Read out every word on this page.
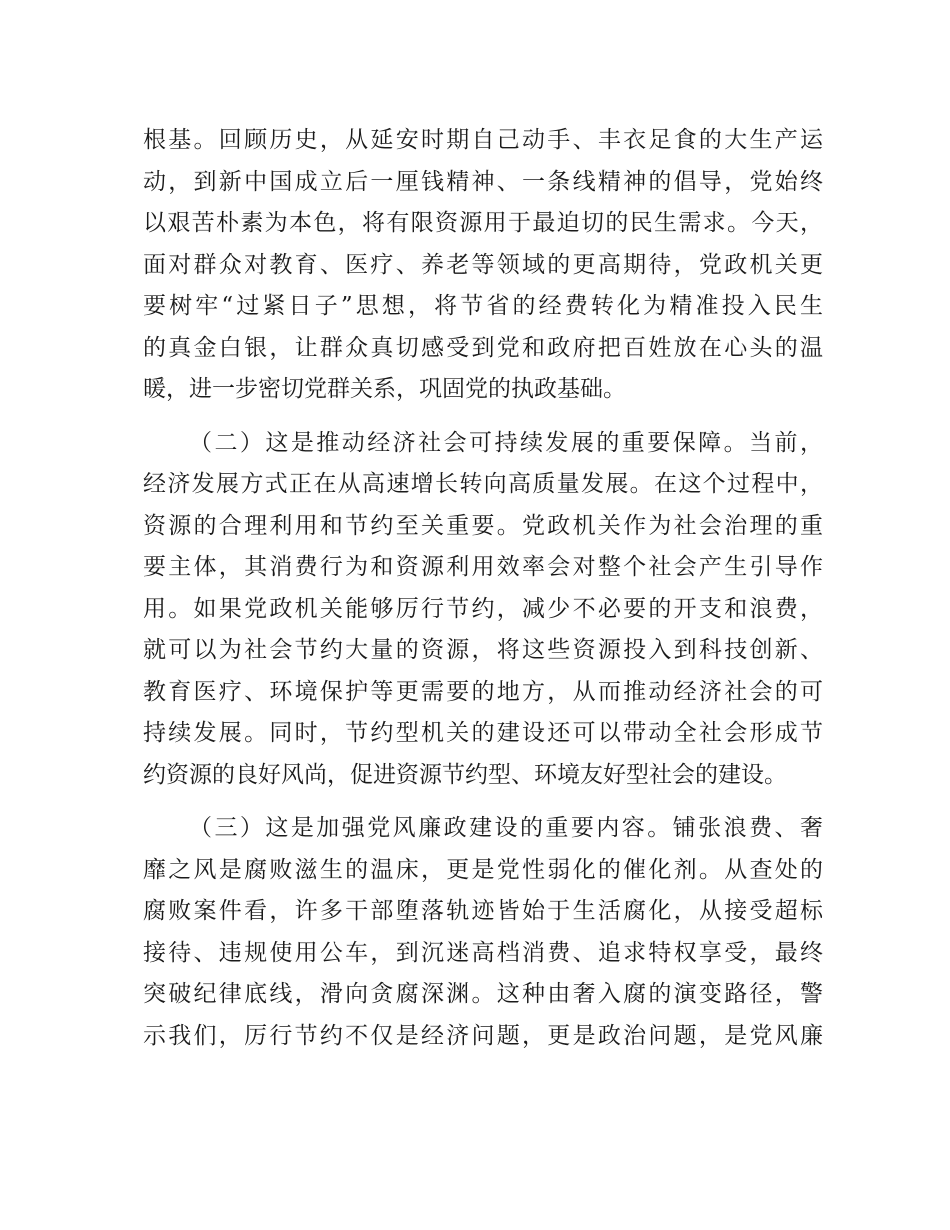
根基。回顾历史，从延安时期自己动手、丰衣足食的大生产运
动，到新中国成立后一厘钱精神、一条线精神的倡导，党始终
以艰苦朴素为本色，将有限资源用于最迫切的民生需求。今天，
面对群众对教育、医疗、养老等领域的更高期待，党政机关更
要树牢“过紧日子”思想，将节省的经费转化为精准投入民生
的真金白银，让群众真切感受到党和政府把百姓放在心头的温
暖，进一步密切党群关系，巩固党的执政基础。
（二）这是推动经济社会可持续发展的重要保障。当前，
经济发展方式正在从高速增长转向高质量发展。在这个过程中，
资源的合理利用和节约至关重要。党政机关作为社会治理的重
要主体，其消费行为和资源利用效率会对整个社会产生引导作
用。如果党政机关能够厉行节约，减少不必要的开支和浪费，
就可以为社会节约大量的资源，将这些资源投入到科技创新、
教育医疗、环境保护等更需要的地方，从而推动经济社会的可
持续发展。同时，节约型机关的建设还可以带动全社会形成节
约资源的良好风尚，促进资源节约型、环境友好型社会的建设。
（三）这是加强党风廉政建设的重要内容。铺张浪费、奢
靡之风是腐败滋生的温床，更是党性弱化的催化剂。从查处的
腐败案件看，许多干部堕落轨迹皆始于生活腐化，从接受超标
接待、违规使用公车，到沉迷高档消费、追求特权享受，最终
突破纪律底线，滑向贪腐深渊。这种由奢入腐的演变路径，警
示我们，厉行节约不仅是经济问题，更是政治问题，是党风廉
